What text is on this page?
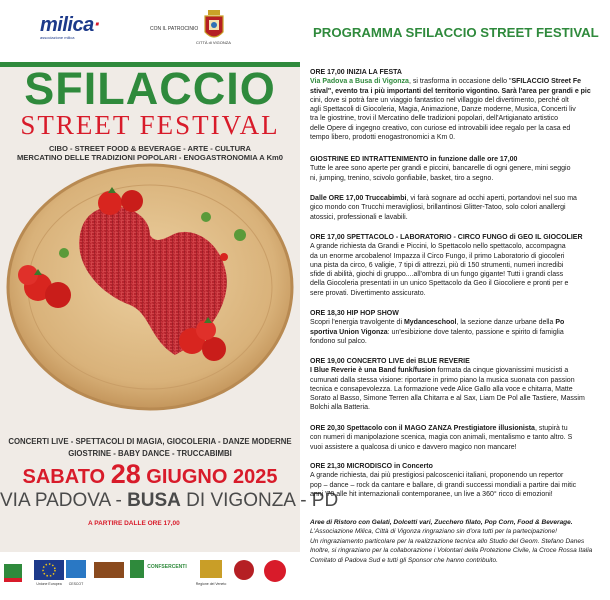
milica·
associazione milica
CON IL PATROCINIO
CITTÀ di VIGONZA
SFILACCIO
STREET FESTIVAL
CIBO - STREET FOOD & BEVERAGE - ARTE - CULTURA
MERCATINO DELLE TRADIZIONI POPOLARI - ENOGASTRONOMIA A Km0
CONCERTI LIVE - SPETTACOLI DI MAGIA, GIOCOLERIA - DANZE MODERNE
GIOSTRINE - BABY DANCE - TRUCCABIMBI
SABATO 28 GIUGNO 2025
VIA PADOVA - BUSA DI VIGONZA - PD
A PARTIRE DALLE ORE 17,00
Unione Europea	CESCOT
CONFSERCENTI
Regione del Veneto
PROGRAMMA SFILACCIO STREET FESTIVAL
ORE 17,00 INIZIA LA FESTA
Via Padova a Busa di Vigonza, si trasforma in occasione dello "SFILACCIO Street Fe
stival", evento tra i più importanti del territorio vigontino. Sarà l'area per grandi e pic
cini, dove si potrà fare un viaggio fantastico nel villaggio del divertimento, perché olt
agli Spettacoli di Giocoleria, Magia, Animazione, Danze moderne, Musica, Concerti liv
tra le giostrine, trovi il Mercatino delle tradizioni popolari, dell'Artigianato artistico
delle Opere di ingegno creativo, con curiose ed introvabili idee regalo per la casa ed
tempo libero, prodotti enogastronomici a Km 0.
GIOSTRINE ED INTRATTENIMENTO in funzione dalle ore 17,00
Tutte le aree sono aperte per grandi e piccini, bancarelle di ogni genere, mini seggio
ni, jumping, trenino, scivolo gonfiabile, basket, tiro a segno.
Dalle ORE 17,00 Truccabimbi, vi farà sognare ad occhi aperti, portandovi nel suo ma
gico mondo con Trucchi meravigliosi, brillantinosi Glitter-Tatoo, solo colori anallergi
atossici, professionali e lavabili.
ORE 17,00 SPETTACOLO - LABORATORIO - CIRCO FUNGO di GEO IL GIOCOLIER
A grande richiesta da Grandi e Piccini, lo Spettacolo nello spettacolo, accompagna
da un enorme arcobaleno! Impazza il Circo Fungo, il primo Laboratorio di giocoleri
una pista da circo, 6 valigie, 7 tipi di attrezzi, più di 150 strumenti, numeri incredibi
sfide di abilità, giochi di gruppo....all'ombra di un fungo gigante! Tutti i grandi class
della Giocoleria presentati in un unico Spettacolo da Geo il Giocoliere e pronti per e
sere provati. Divertimento assicurato.
ORE 18,30 HIP HOP SHOW
Scopri l'energia travolgente di Mydanceschool, la sezione danze urbane della Po
sportiva Union Vigonza: un'esibizione dove talento, passione e spirito di famiglia
fondono sul palco.
ORE 19,00 CONCERTO LIVE dei BLUE REVERIE
I Blue Reverie è una Band funk/fusion formata da cinque giovanissimi musicisti a
cumunati dalla stessa visione: riportare in primo piano la musica suonata con passion
tecnica e consapevolezza. La formazione vede Alice Gallo alla voce e chitarra, Matte
Sorato al Basso, Simone Terren alla Chitarra e al Sax, Liam De Pol alle Tastiere, Massim
Bolchi alla Batteria.
ORE 20,30 Spettacolo con il MAGO ZANZA Prestigiatore illusionista, stupirà tu
con numeri di manipolazione scenica, magia con animali, mentalismo e tanto altro. S
vuoi assistere a qualcosa di unico e davvero magico non mancare!
ORE 21,30 MICRODISCO in Concerto
A grande richiesta, dai più prestigiosi palcoscenici italiani, proponendo un repertor
pop – dance – rock da cantare e ballare, di grandi successi mondiali a partire dai mitic
anni '70 alle hit internazionali contemporanee, un live a 360° ricco di emozioni!
Aree di Ristoro con Gelati, Dolcetti vari, Zucchero filato, Pop Corn, Food & Beverage.
L'Associazione Milica, Città di Vigonza ringraziano sin d'ora tutti per la partecipazione!
Un ringraziamento particolare per la realizzazione tecnica allo Studio del Geom. Stefano Danes
Inoltre, si ringraziano per la collaborazione i Volontari della Protezione Civile, la Croce Rossa Italia
Comitato di Padova Sud e tutti gli Sponsor che hanno contribuito.
